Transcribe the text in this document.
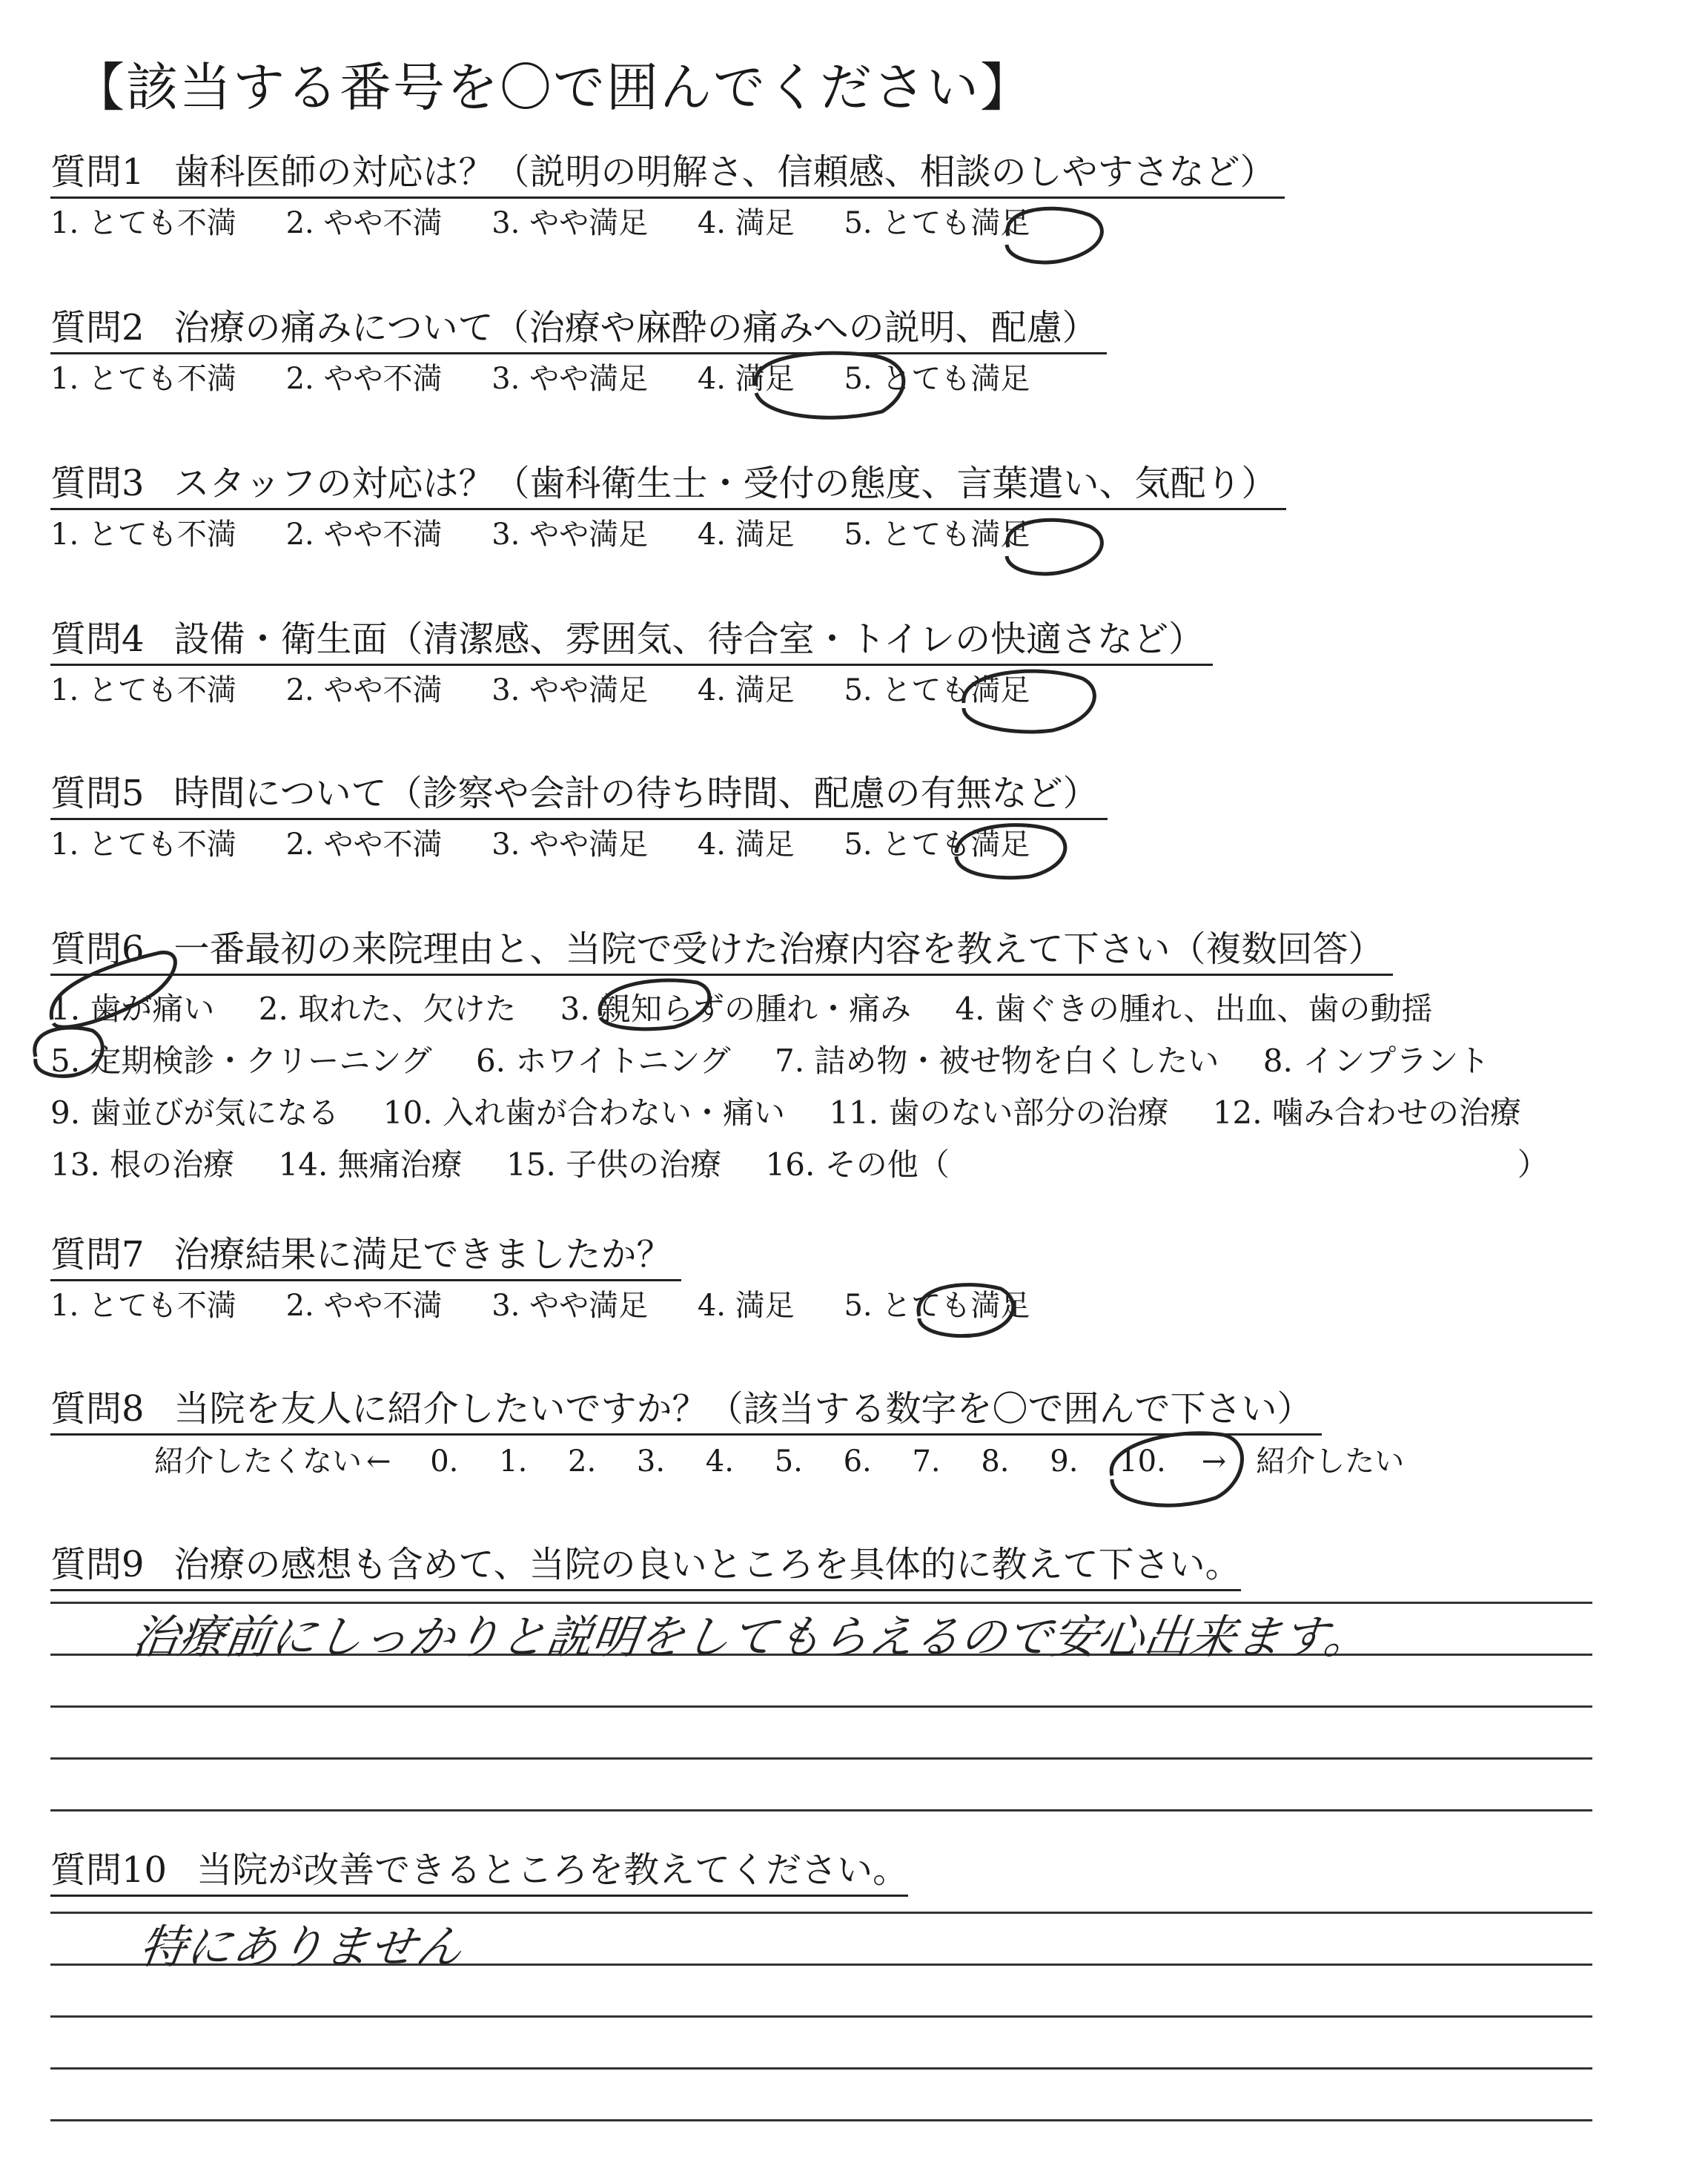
【該当する番号を〇で囲んでください】
質問1 歯科医師の対応は？（説明の明解さ、信頼感、相談のしやすさなど）
1. とても不満 2. やや不満 3. やや満足 4. 満足 5. とても満足
質問2 治療の痛みについて（治療や麻酔の痛みへの説明、配慮）
1. とても不満 2. やや不満 3. やや満足 4. 満足 5. とても満足
質問3 スタッフの対応は？（歯科衛生士・受付の態度、言葉遣い、気配り）
1. とても不満 2. やや不満 3. やや満足 4. 満足 5. とても満足
質問4 設備・衛生面（清潔感、雰囲気、待合室・トイレの快適さなど）
1. とても不満 2. やや不満 3. やや満足 4. 満足 5. とても満足
質問5 時間について（診察や会計の待ち時間、配慮の有無など）
1. とても不満 2. やや不満 3. やや満足 4. 満足 5. とても満足
質問6 一番最初の来院理由と、当院で受けた治療内容を教えて下さい（複数回答）
1. 歯が痛い 2. 取れた、欠けた 3. 親知らずの腫れ・痛み 4. 歯ぐきの腫れ、出血、歯の動揺
5. 定期検診・クリーニング 6. ホワイトニング 7. 詰め物・被せ物を白くしたい 8. インプラント
9. 歯並びが気になる 10. 入れ歯が合わない・痛い 11. 歯のない部分の治療 12. 噛み合わせの治療
13. 根の治療 14. 無痛治療 15. 子供の治療 16. その他（	）
質問7 治療結果に満足できましたか？
1. とても不満 2. やや不満 3. やや満足 4. 満足 5. とても満足
質問8 当院を友人に紹介したいですか？（該当する数字を〇で囲んで下さい）
紹介したくない ← 0. 1. 2. 3. 4. 5. 6. 7. 8. 9. 10. → 紹介したい
質問9 治療の感想も含めて、当院の良いところを具体的に教えて下さい。
治療前にしっかりと説明をしてもらえるので安心出来ます。
質問10 当院が改善できるところを教えてください。
特にありません
